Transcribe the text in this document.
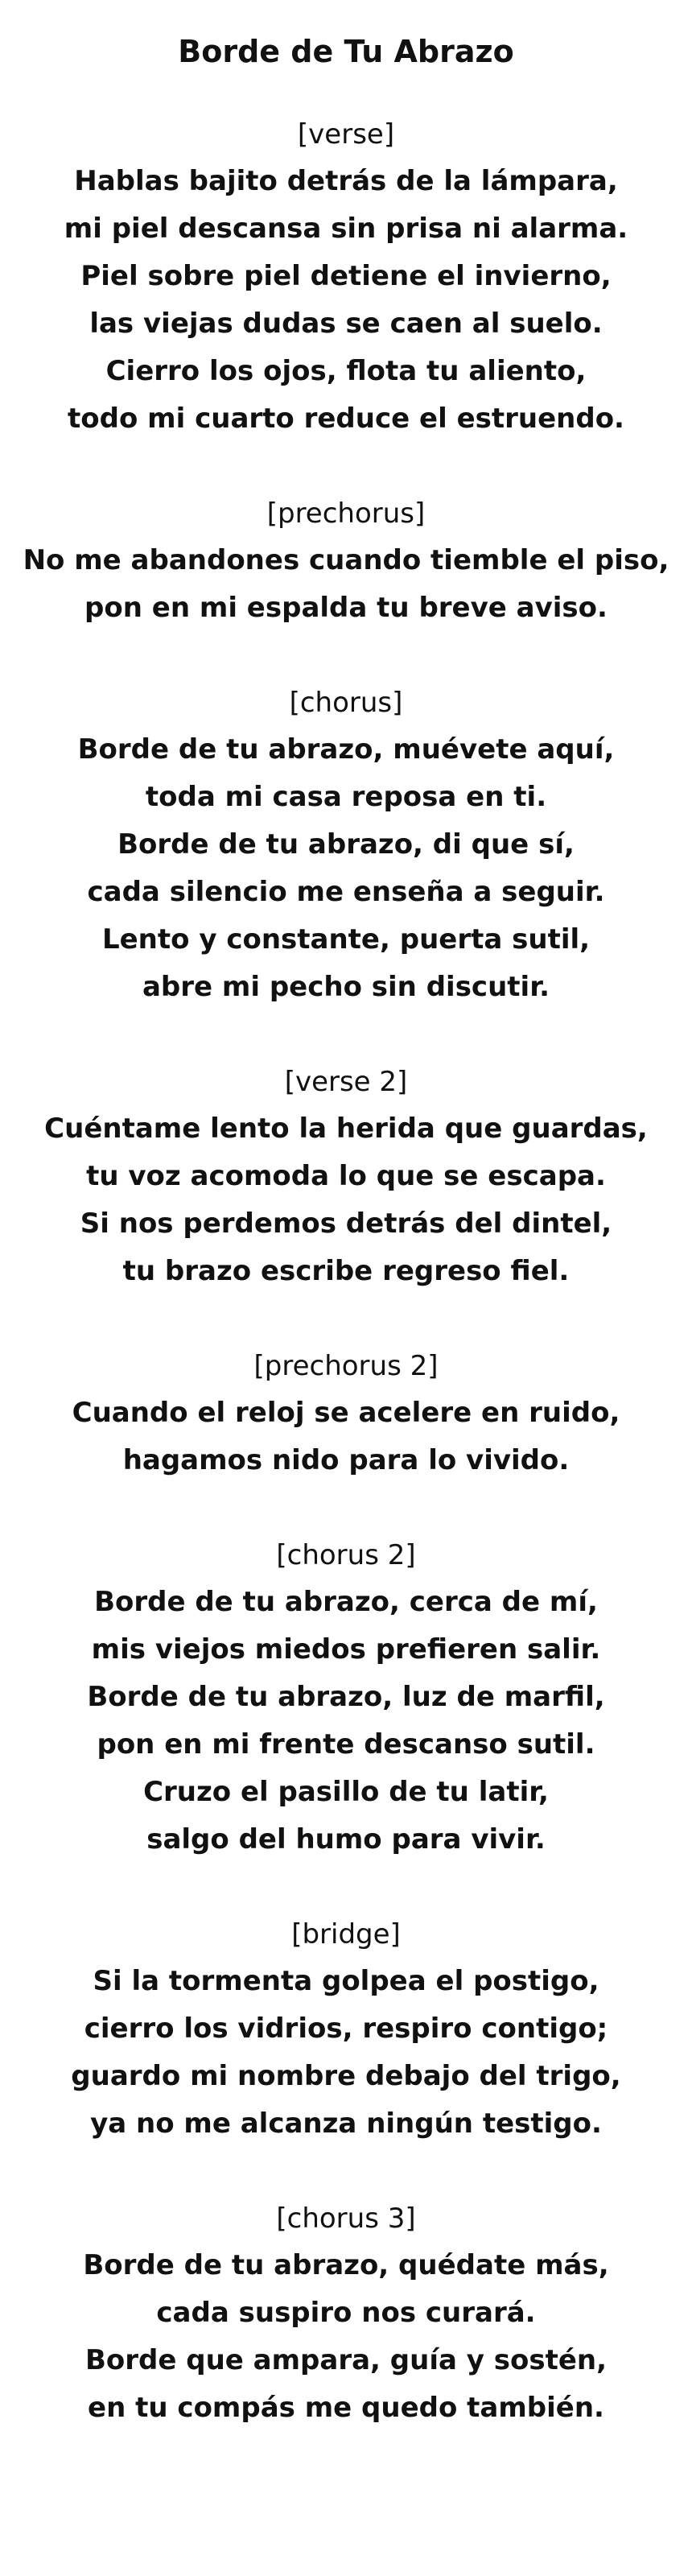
Borde de Tu Abrazo
[verse]
Hablas bajito detrás de la lámpara,
mi piel descansa sin prisa ni alarma.
Piel sobre piel detiene el invierno,
las viejas dudas se caen al suelo.
Cierro los ojos, flota tu aliento,
todo mi cuarto reduce el estruendo.
[prechorus]
No me abandones cuando tiemble el piso,
pon en mi espalda tu breve aviso.
[chorus]
Borde de tu abrazo, muévete aquí,
toda mi casa reposa en ti.
Borde de tu abrazo, di que sí,
cada silencio me enseña a seguir.
Lento y constante, puerta sutil,
abre mi pecho sin discutir.
[verse 2]
Cuéntame lento la herida que guardas,
tu voz acomoda lo que se escapa.
Si nos perdemos detrás del dintel,
tu brazo escribe regreso fiel.
[prechorus 2]
Cuando el reloj se acelere en ruido,
hagamos nido para lo vivido.
[chorus 2]
Borde de tu abrazo, cerca de mí,
mis viejos miedos prefieren salir.
Borde de tu abrazo, luz de marfil,
pon en mi frente descanso sutil.
Cruzo el pasillo de tu latir,
salgo del humo para vivir.
[bridge]
Si la tormenta golpea el postigo,
cierro los vidrios, respiro contigo;
guardo mi nombre debajo del trigo,
ya no me alcanza ningún testigo.
[chorus 3]
Borde de tu abrazo, quédate más,
cada suspiro nos curará.
Borde que ampara, guía y sostén,
en tu compás me quedo también.
